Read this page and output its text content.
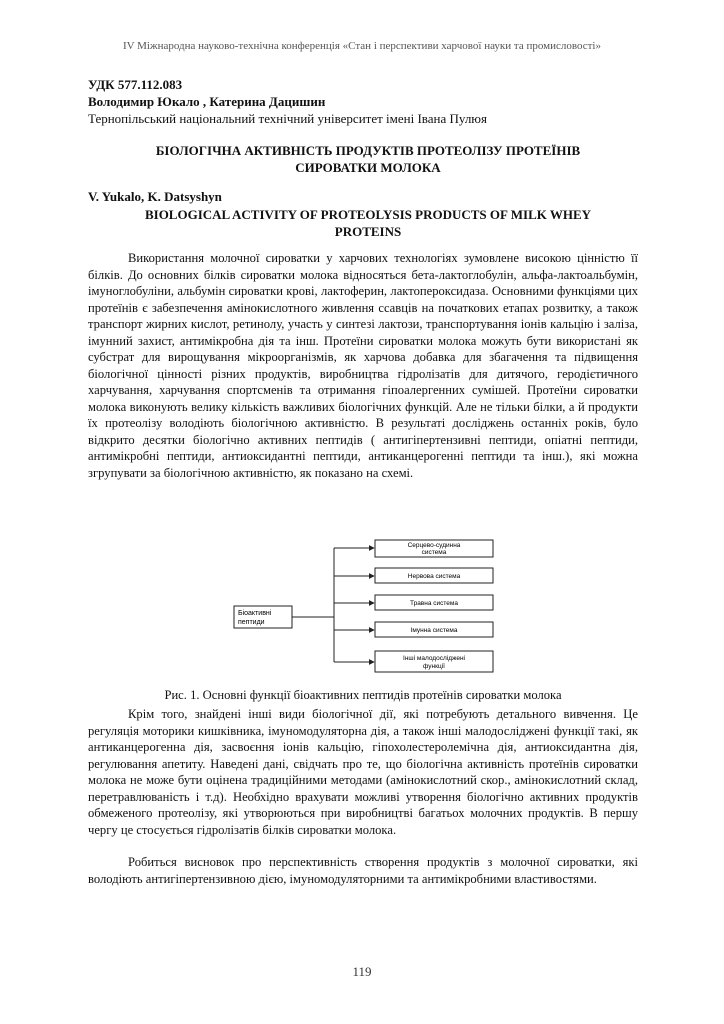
IV Міжнародна науково-технічна конференція «Стан і перспективи харчової науки та промисловості»
УДК 577.112.083
Володимир Юкало , Катерина Дацишин
Тернопільський національний технічний університет імені Івана Пулюя
БІОЛОГІЧНА АКТИВНІСТЬ ПРОДУКТІВ ПРОТЕОЛІЗУ ПРОТЕЇНІВ
СИРОВАТКИ МОЛОКА
V. Yukalo, K. Datsyshyn
BIOLOGICAL ACTIVITY OF PROTEOLYSIS PRODUCTS OF MILK WHEY
PROTEINS

Використання молочної сироватки у харчових технологіях зумовлене високою цінністю її білків. До основних білків сироватки молока відносяться бета-лактоглобулін, альфа-лактоальбумін, імуноглобуліни, альбумін сироватки крові, лактоферин, лактопероксидаза. Основними функціями цих протеїнів є забезпечення амінокислотного живлення ссавців на початкових етапах розвитку, а також транспорт жирних кислот, ретинолу, участь у синтезі лактози, транспортування іонів кальцію і заліза, імунний захист, антимікробна дія та інш. Протеїни сироватки молока можуть бути використані як субстрат для вирощування мікроорганізмів, як харчова добавка для збагачення та підвищення біологічної цінності різних продуктів, виробництва гідролізатів для дитячого, геродієтичного харчування, харчування спортсменів та отримання гіпоалергенних сумішей. Протеїни сироватки молока виконують велику кількість важливих біологічних функцій. Але не тільки білки, а й продукти їх протеолізу володіють біологічною активністю. В результаті досліджень останніх років, було відкрито десятки біологічно активних пептидів ( антигіпертензивні пептиди, опіатні пептиди, антимікробні пептиди, антиоксидантні пептиди, антиканцерогенні пептиди та інш.), які можна згрупувати за біологічною активністю, як показано на схемі.

Біоактивні
пептиди
Серцево-судинна
система
Нервова система
Травна система
Імунна система
Інші малодосліджені
функції
Рис. 1. Основні функції біоактивних пептидів протеїнів сироватки молока

Крім того, знайдені інші види біологічної дії, які потребують детального вивчення. Це регуляція моторики кишківника, імуномодуляторна дія, а також інші малодосліджені функції такі, як антиканцерогенна дія, засвоєння іонів кальцію, гіпохолестеролемічна дія, антиоксидантна дія, регулювання апетиту. Наведені дані, свідчать про те, що біологічна активність протеїнів сироватки молока не може бути оцінена традиційними методами (амінокислотний скор., амінокислотний склад, перетравлюваність і т.д). Необхідно врахувати можливі утворення біологічно активних продуктів обмеженого протеолізу, які утворюються при виробництві багатьох молочних продуктів. В першу чергу це стосується гідролізатів білків сироватки молока.

Робиться висновок про перспективність створення продуктів з молочної сироватки, які володіють антигіпертензивною дією, імуномодуляторними та антимікробними властивостями.

119
